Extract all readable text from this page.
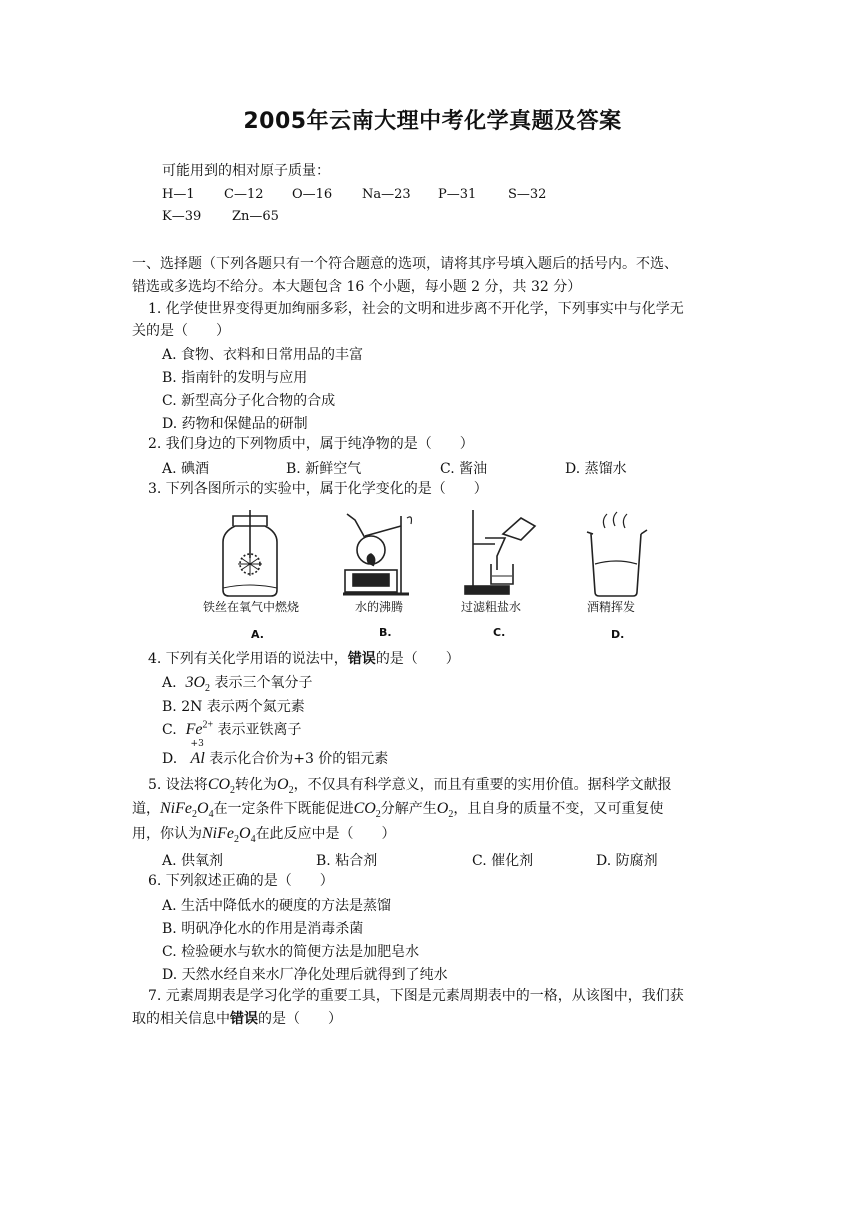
2005年云南大理中考化学真题及答案
可能用到的相对原子质量：
H—1 C—12 O—16 Na—23 P—31 S—32
K—39 Zn—65
一、选择题（下列各题只有一个符合题意的选项，请将其序号填入题后的括号内。不选、
错选或多选均不给分。本大题包含 16 个小题，每小题 2 分，共 32 分）
1. 化学使世界变得更加绚丽多彩，社会的文明和进步离不开化学，下列事实中与化学无
关的是（　　）
A. 食物、衣料和日常用品的丰富
B. 指南针的发明与应用
C. 新型高分子化合物的合成
D. 药物和保健品的研制
2. 我们身边的下列物质中，属于纯净物的是（　　）
A. 碘酒	B. 新鲜空气	C. 酱油	D. 蒸馏水
3. 下列各图所示的实验中，属于化学变化的是（　　）
铁丝在氧气中燃烧	水的沸腾	过滤粗盐水	酒精挥发
A.	B.	C.	D.
4. 下列有关化学用语的说法中，错误的是（　　）
A. $3O_2$ 表示三个氧分子
B. 2N 表示两个氮元素
C. $Fe^{2+}$ 表示亚铁离子
D.
+3
Al 表示化合价为+3 价的铝元素
5. 设法将$CO_2$转化为$O_2$，不仅具有科学意义，而且有重要的实用价值。据科学文献报
道，$NiFe_2O_4$在一定条件下既能促进$CO_2$分解产生$O_2$，且自身的质量不变，又可重复使
用，你认为$NiFe_2O_4$在此反应中是（　　）
A. 供氧剂	B. 粘合剂	C. 催化剂	D. 防腐剂
6. 下列叙述正确的是（　　）
A. 生活中降低水的硬度的方法是蒸馏
B. 明矾净化水的作用是消毒杀菌
C. 检验硬水与软水的简便方法是加肥皂水
D. 天然水经自来水厂净化处理后就得到了纯水
7. 元素周期表是学习化学的重要工具，下图是元素周期表中的一格，从该图中，我们获
取的相关信息中错误的是（　　）
